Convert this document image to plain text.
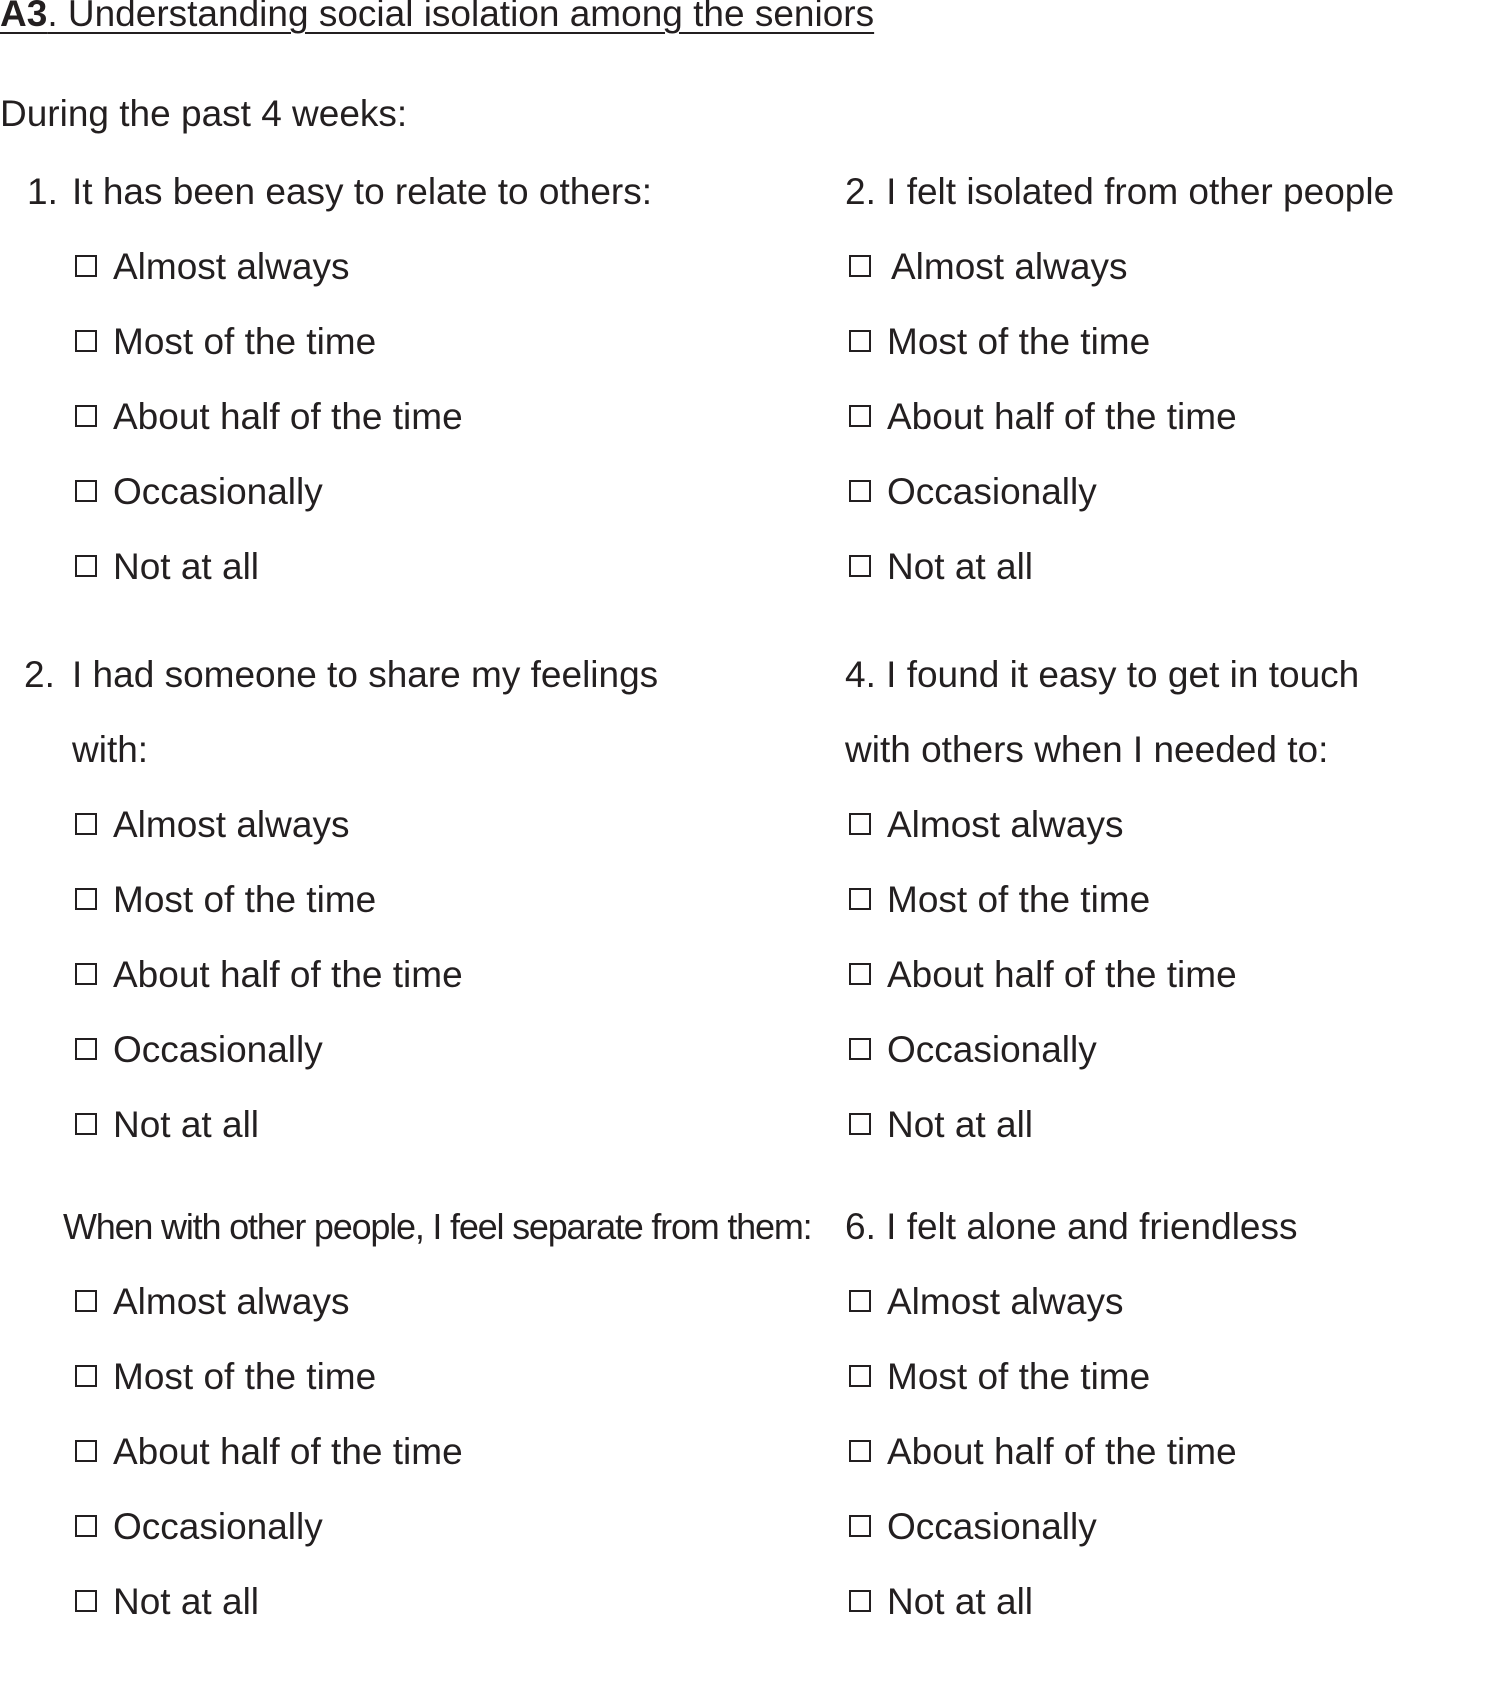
A3. Understanding social isolation among the seniors
During the past 4 weeks:
1. It has been easy to relate to others:
Almost always
Most of the time
About half of the time
Occasionally
Not at all
2. I felt isolated from other people
Almost always
Most of the time
About half of the time
Occasionally
Not at all
2. I had someone to share my feelings with:
Almost always
Most of the time
About half of the time
Occasionally
Not at all
4. I found it easy to get in touch with others when I needed to:
Almost always
Most of the time
About half of the time
Occasionally
Not at all
When with other people, I feel separate from them:
Almost always
Most of the time
About half of the time
Occasionally
Not at all
6. I felt alone and friendless
Almost always
Most of the time
About half of the time
Occasionally
Not at all
